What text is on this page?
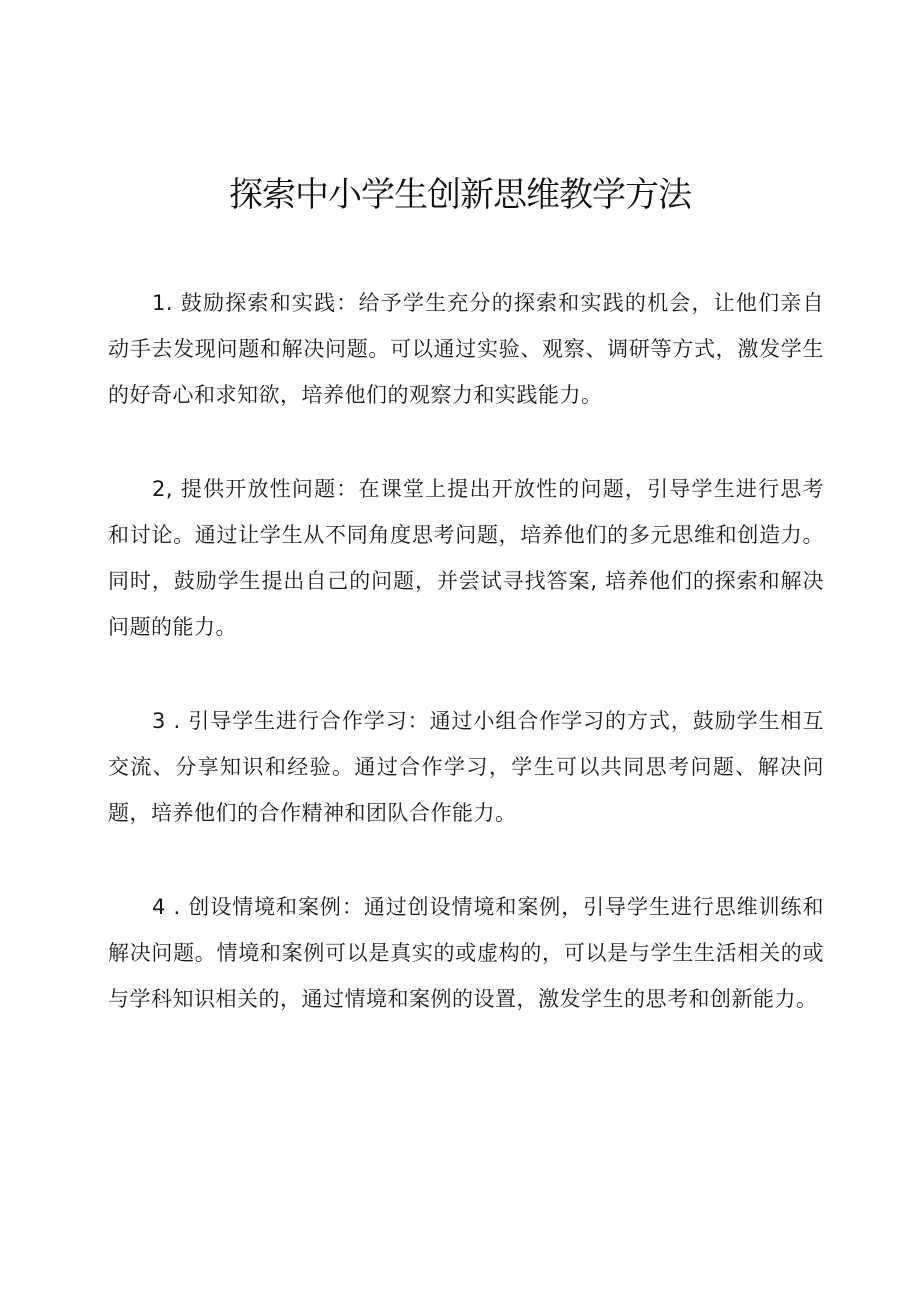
探索中小学生创新思维教学方法

1. 鼓励探索和实践：给予学生充分的探索和实践的机会，让他们亲自动手去发现问题和解决问题。可以通过实验、观察、调研等方式，激发学生的好奇心和求知欲，培养他们的观察力和实践能力。

2, 提供开放性问题：在课堂上提出开放性的问题，引导学生进行思考和讨论。通过让学生从不同角度思考问题，培养他们的多元思维和创造力。同时，鼓励学生提出自己的问题，并尝试寻找答案, 培养他们的探索和解决问题的能力。

3 . 引导学生进行合作学习：通过小组合作学习的方式，鼓励学生相互交流、分享知识和经验。通过合作学习，学生可以共同思考问题、解决问题，培养他们的合作精神和团队合作能力。

4 . 创设情境和案例：通过创设情境和案例，引导学生进行思维训练和解决问题。情境和案例可以是真实的或虚构的，可以是与学生生活相关的或与学科知识相关的，通过情境和案例的设置，激发学生的思考和创新能力。
